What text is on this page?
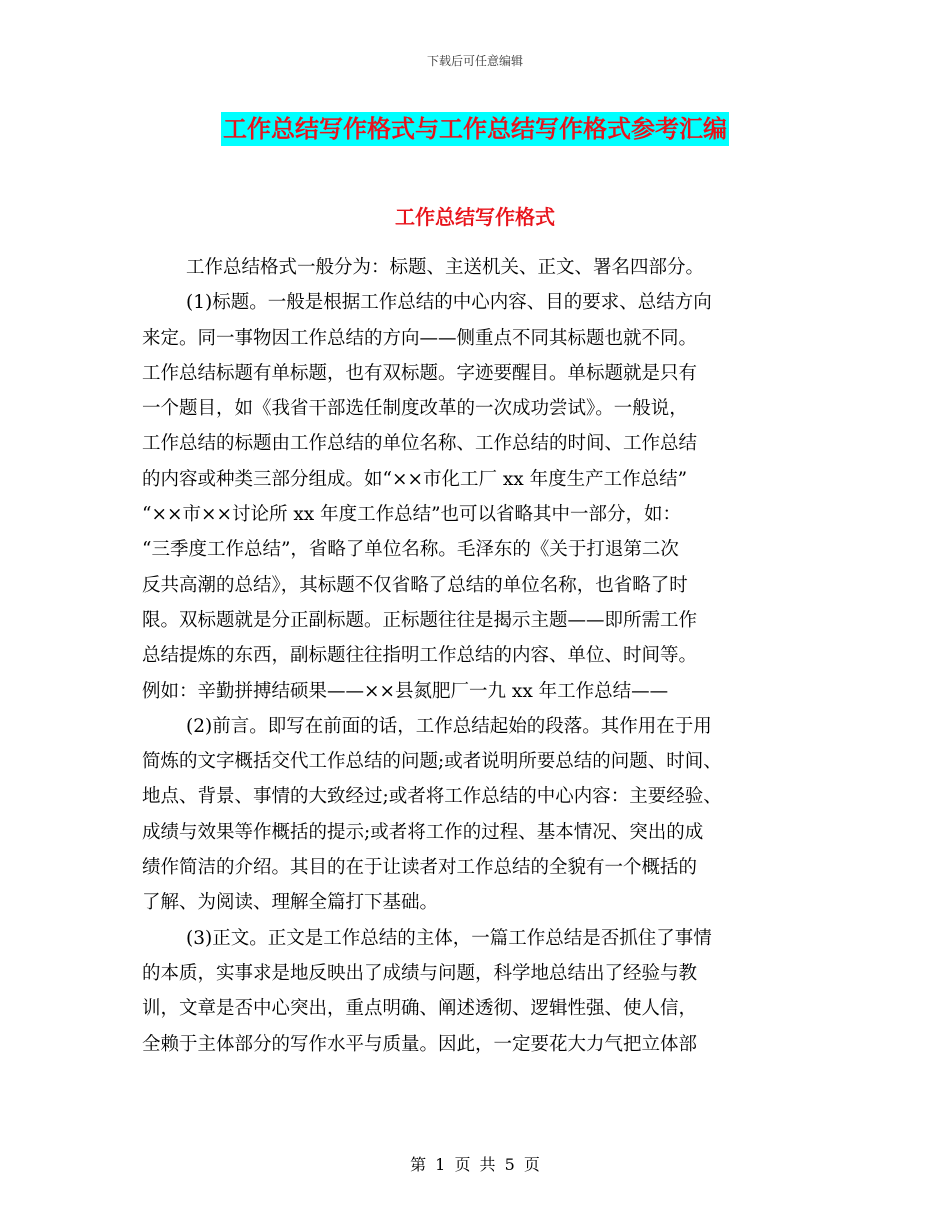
下载后可任意编辑
工作总结写作格式与工作总结写作格式参考汇编
工作总结写作格式
工作总结格式一般分为：标题、主送机关、正文、署名四部分。
(1)标题。一般是根据工作总结的中心内容、目的要求、总结方向
来定。同一事物因工作总结的方向——侧重点不同其标题也就不同。
工作总结标题有单标题，也有双标题。字迹要醒目。单标题就是只有
一个题目，如《我省干部选任制度改革的一次成功尝试》。一般说，
工作总结的标题由工作总结的单位名称、工作总结的时间、工作总结
的内容或种类三部分组成。如“××市化工厂 xx 年度生产工作总结”
“××市××讨论所 xx 年度工作总结”也可以省略其中一部分，如：
“三季度工作总结”，省略了单位名称。毛泽东的《关于打退第二次
反共高潮的总结》，其标题不仅省略了总结的单位名称，也省略了时
限。双标题就是分正副标题。正标题往往是揭示主题——即所需工作
总结提炼的东西，副标题往往指明工作总结的内容、单位、时间等。
例如：辛勤拼搏结硕果——××县氮肥厂一九 xx 年工作总结——
(2)前言。即写在前面的话，工作总结起始的段落。其作用在于用
简炼的文字概括交代工作总结的问题;或者说明所要总结的问题、时间、
地点、背景、事情的大致经过;或者将工作总结的中心内容：主要经验、
成绩与效果等作概括的提示;或者将工作的过程、基本情况、突出的成
绩作简洁的介绍。其目的在于让读者对工作总结的全貌有一个概括的
了解、为阅读、理解全篇打下基础。
(3)正文。正文是工作总结的主体，一篇工作总结是否抓住了事情
的本质，实事求是地反映出了成绩与问题，科学地总结出了经验与教
训，文章是否中心突出，重点明确、阐述透彻、逻辑性强、使人信，
全赖于主体部分的写作水平与质量。因此，一定要花大力气把立体部
第 1 页 共 5 页
